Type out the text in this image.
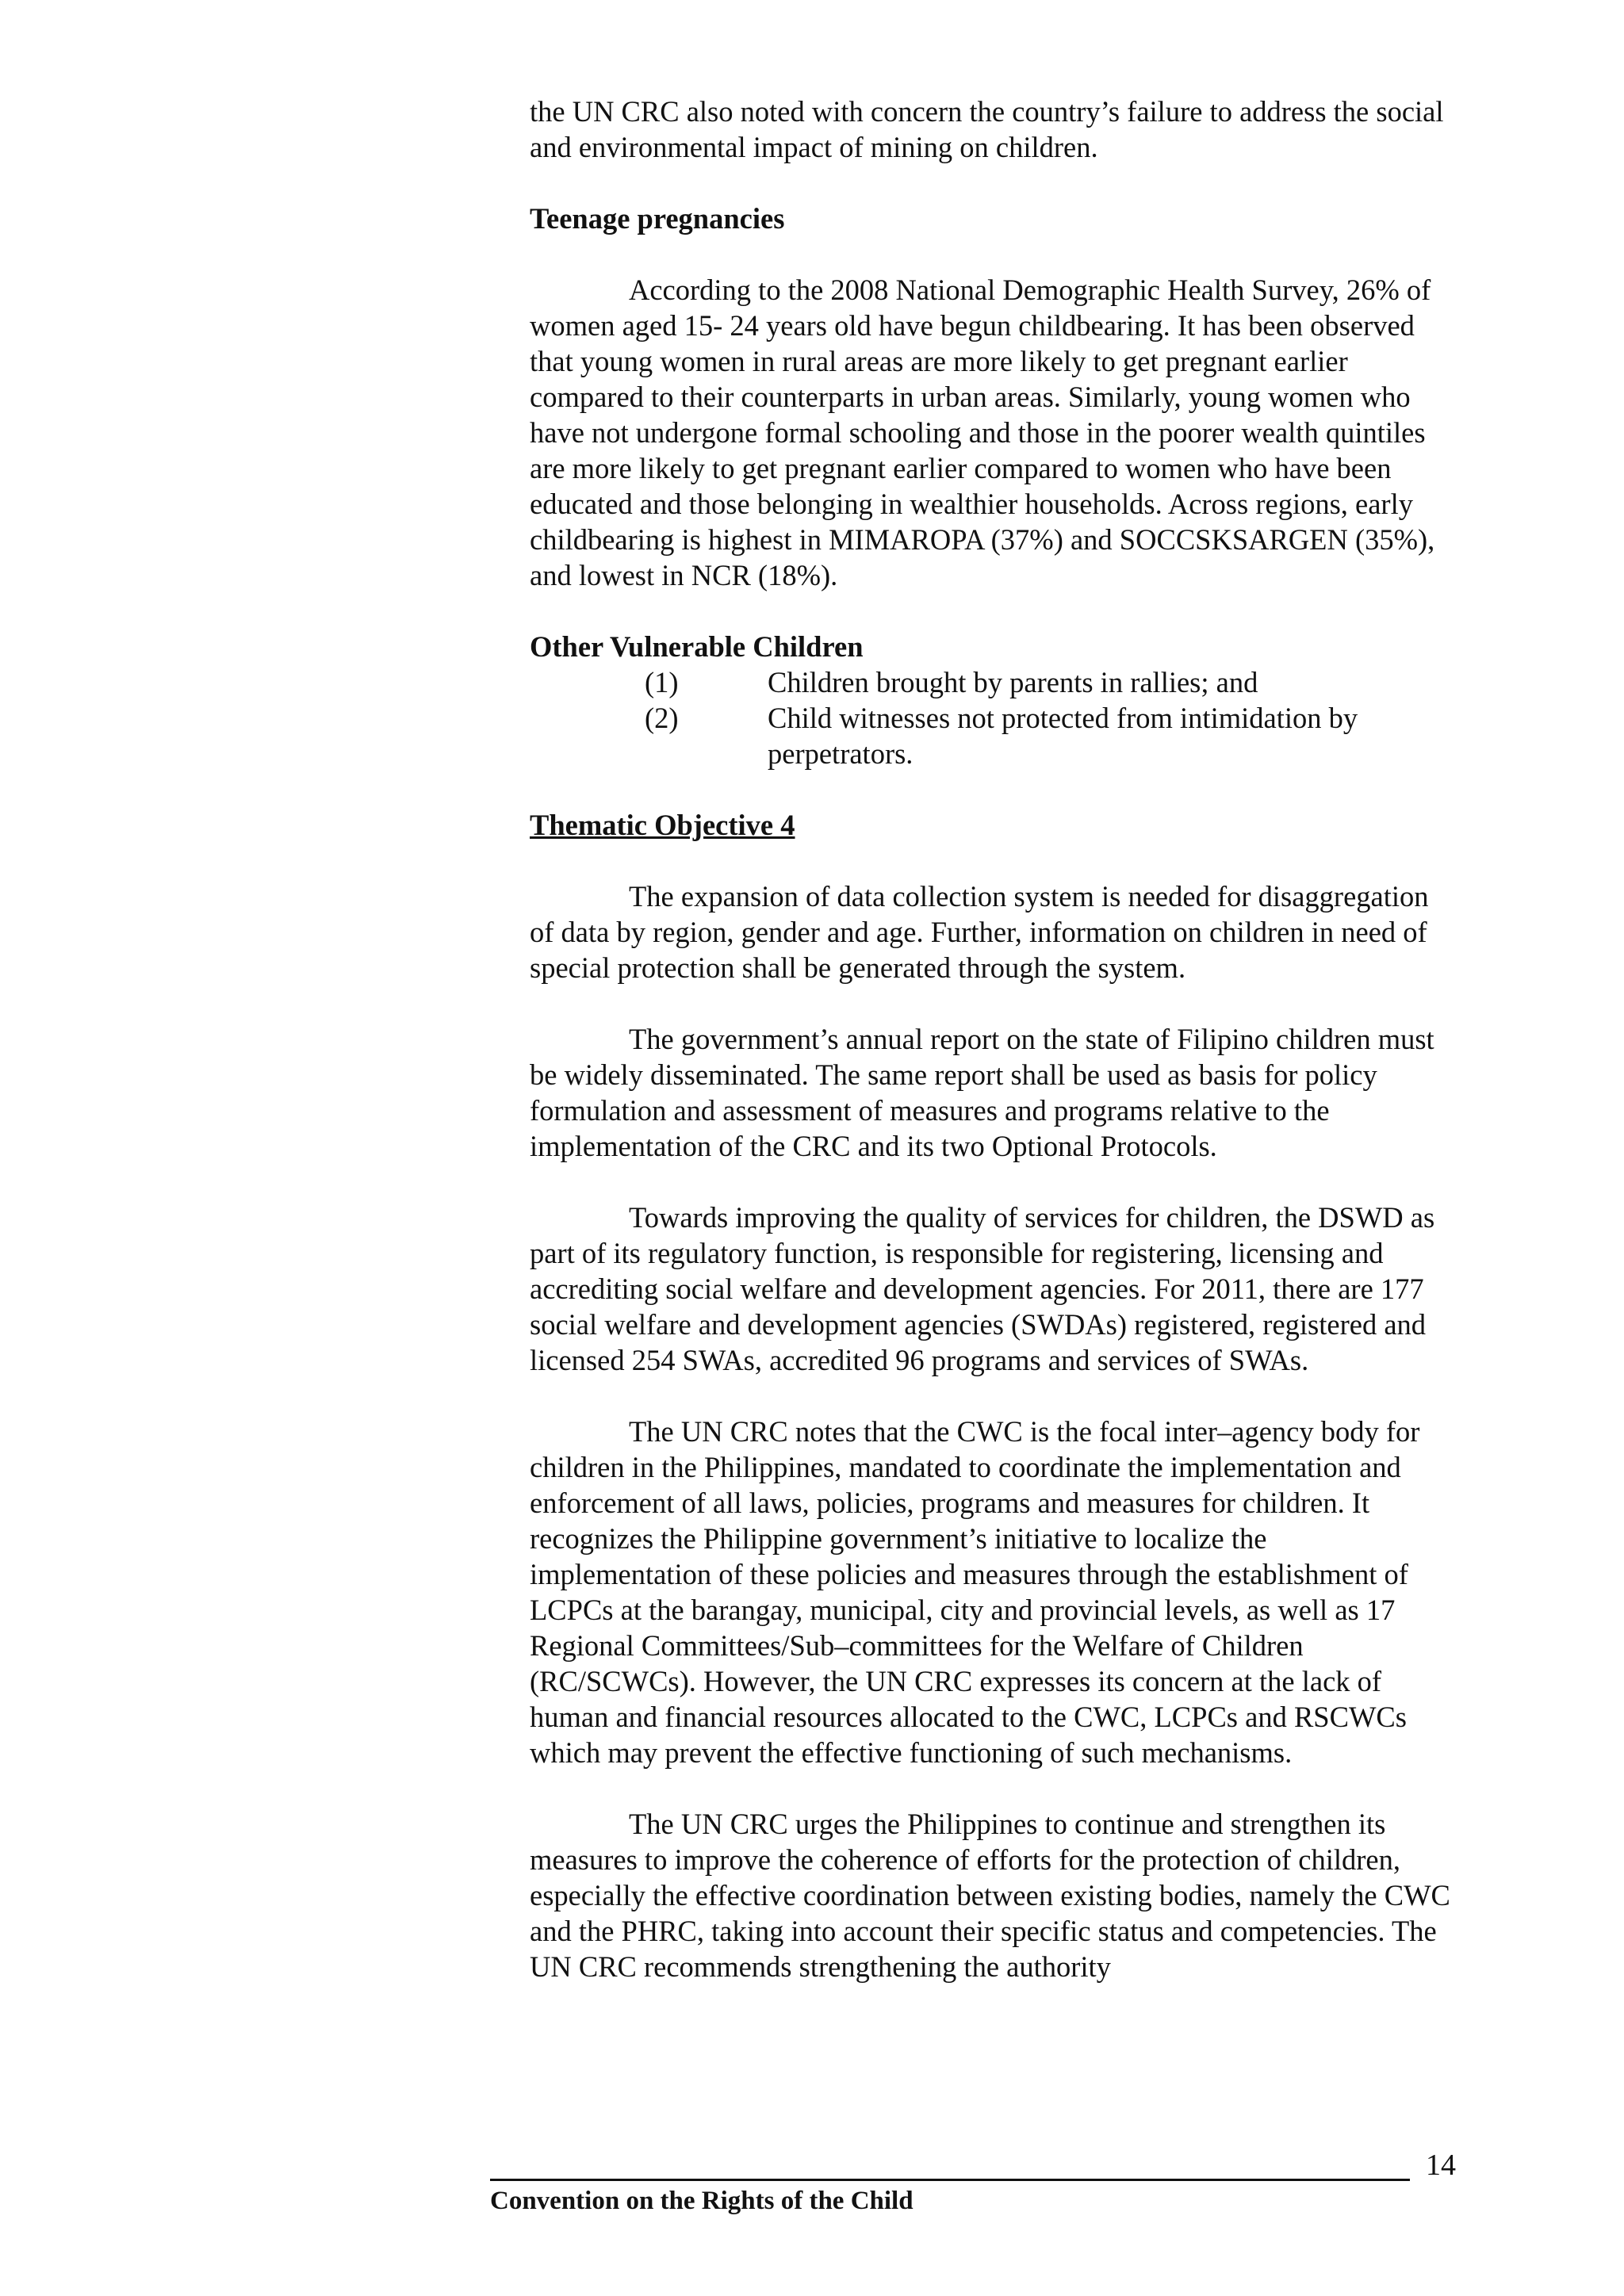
the UN CRC also noted with concern the country’s failure to address the social and environmental impact of mining on children.

Teenage pregnancies

According to the 2008 National Demographic Health Survey, 26% of women aged 15- 24 years old have begun childbearing. It has been observed that young women in rural areas are more likely to get pregnant earlier compared to their counterparts in urban areas. Similarly, young women who have not undergone formal schooling and those in the poorer wealth quintiles are more likely to get pregnant earlier compared to women who have been educated and those belonging in wealthier households. Across regions, early childbearing is highest in MIMAROPA (37%) and SOCCSKSARGEN (35%), and lowest in NCR (18%).

Other Vulnerable Children
(1)	Children brought by parents in rallies; and
(2)	Child witnesses not protected from intimidation by perpetrators.
Thematic Objective 4

The expansion of data collection system is needed for disaggregation of data by region, gender and age. Further, information on children in need of special protection shall be generated through the system.

The government’s annual report on the state of Filipino children must be widely disseminated. The same report shall be used as basis for policy formulation and assessment of measures and programs relative to the implementation of the CRC and its two Optional Protocols.

Towards improving the quality of services for children, the DSWD as part of its regulatory function, is responsible for registering, licensing and accrediting social welfare and development agencies. For 2011, there are 177 social welfare and development agencies (SWDAs) registered, registered and licensed 254 SWAs, accredited 96 programs and services of SWAs.

The UN CRC notes that the CWC is the focal inter–agency body for children in the Philippines, mandated to coordinate the implementation and enforcement of all laws, policies, programs and measures for children. It recognizes the Philippine government’s initiative to localize the implementation of these policies and measures through the establishment of LCPCs at the barangay, municipal, city and provincial levels, as well as 17 Regional Committees/Sub–committees for the Welfare of Children (RC/SCWCs). However, the UN CRC expresses its concern at the lack of human and financial resources allocated to the CWC, LCPCs and RSCWCs which may prevent the effective functioning of such mechanisms.

The UN CRC urges the Philippines to continue and strengthen its measures to improve the coherence of efforts for the protection of children, especially the effective coordination between existing bodies, namely the CWC and the PHRC, taking into account their specific status and competencies. The UN CRC recommends strengthening the authority

14
Convention on the Rights of the Child
